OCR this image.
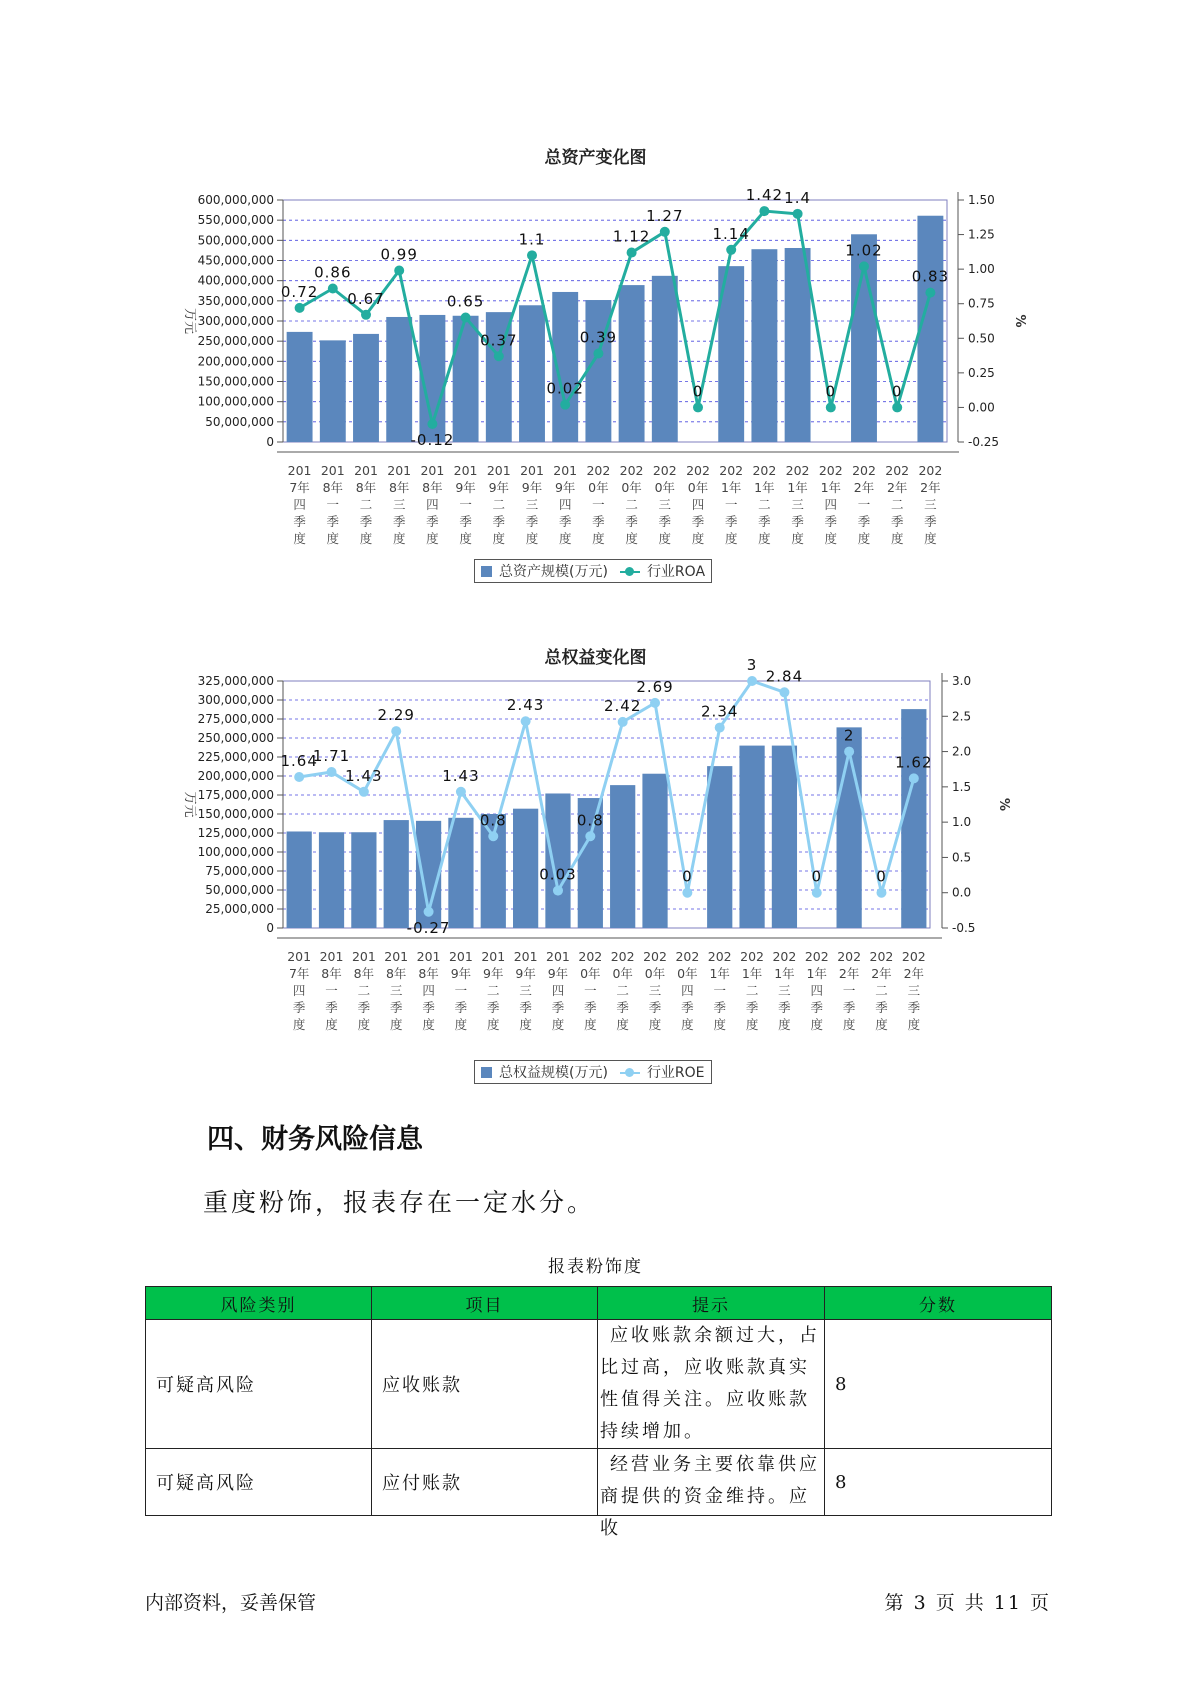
总资产变化图
600,000,000
550,000,000
500,000,000
450,000,000
400,000,000
350,000,000
300,000,000
250,000,000
200,000,000
150,000,000
100,000,000
50,000,000
0
1.50
1.25
1.00
0.75
0.50
0.25
0.00
-0.25
万元	%
0.72
0.86
0.67
0.99
-0.12
0.65
0.37
1.1
0.02
0.39
1.12
1.27
0
1.14
1.42 1.4
0
1.02
0
0.83
201 7年四季度
201 8年一季度
201 8年二季度
201 8年三季度
201 8年四季度
201 9年一季度
201 9年二季度
201 9年三季度
201 9年四季度
202 0年一季度
202 0年二季度
202 0年三季度
202 0年四季度
202 1年一季度
202 1年二季度
202 1年三季度
202 1年四季度
202 2年一季度
202 2年二季度
202 2年三季度
总资产规模(万元)	行业ROA
总权益变化图
325,000,000
300,000,000
275,000,000
250,000,000
225,000,000
200,000,000
175,000,000
150,000,000
125,000,000
100,000,000
75,000,000
50,000,000
25,000,000
0
3.0
2.5
2.0
1.5
1.0
0.5
0.0
-0.5
万元	%
1.64
1.71
1.43
2.29
-0.27
1.43
0.8
2.43
0.03
0.8
2.42
2.69
0
2.34
3
2.84
0
2
0
1.62
201 7年四季度
201 8年一季度
201 8年二季度
201 8年三季度
201 8年四季度
201 9年一季度
201 9年二季度
201 9年三季度
201 9年四季度
202 0年一季度
202 0年二季度
202 0年三季度
202 0年四季度
202 1年一季度
202 1年二季度
202 1年三季度
202 1年四季度
202 2年一季度
202 2年二季度
202 2年三季度
总权益规模(万元)	行业ROE
四、财务风险信息

重度粉饰，报表存在一定水分。

报表粉饰度
风险类别	项目	提示	分数
可疑高风险	应收账款	应收账款余额过大，占比过高，应收账款真实性值得关注。应收账款持续增加。	8
可疑高风险	应付账款	经营业务主要依靠供应商提供的资金维持。应收	8
内部资料，妥善保管	第 3 页 共 11 页
